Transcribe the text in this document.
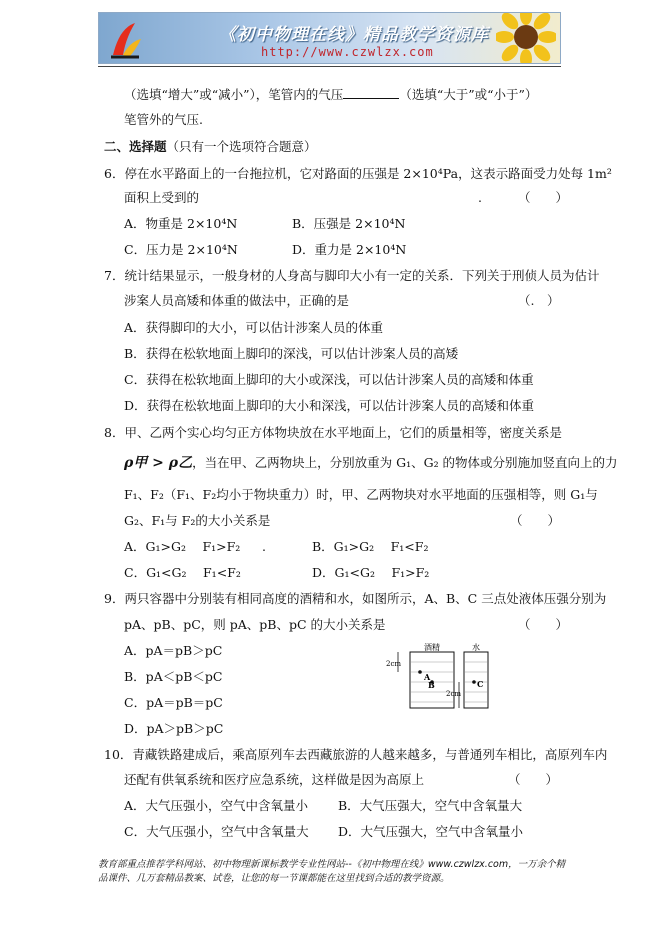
《初中物理在线》精品教学资源库
http://www.czwlzx.com
（选填“增大”或“减小”），笔管内的气压	（选填“大于”或“小于”）
笔管外的气压.
二、选择题（只有一个选项符合题意）
6．停在水平路面上的一台拖拉机，它对路面的压强是 2×10⁴Pa，这表示路面受力处每 1m²
面积上受到的	.	（　　）
A．物重是 2×10⁴N	B．压强是 2×10⁴N
C．压力是 2×10⁴N	D．重力是 2×10⁴N
7．统计结果显示，一般身材的人身高与脚印大小有一定的关系．下列关于刑侦人员为估计
涉案人员高矮和体重的做法中，正确的是	（.　）
A．获得脚印的大小，可以估计涉案人员的体重
B．获得在松软地面上脚印的深浅，可以估计涉案人员的高矮
C．获得在松软地面上脚印的大小或深浅，可以估计涉案人员的高矮和体重
D．获得在松软地面上脚印的大小和深浅，可以估计涉案人员的高矮和体重
8．甲、乙两个实心均匀正方体物块放在水平地面上，它们的质量相等，密度关系是
ρ甲 > ρ乙，当在甲、乙两物块上，分别放重为 G₁、G₂ 的物体或分别施加竖直向上的力
F₁、F₂（F₁、F₂均小于物块重力）时，甲、乙两物块对水平地面的压强相等，则 G₁与
G₂、F₁与 F₂的大小关系是	（　　）
A．G₁>G₂　 F₁>F₂ .	B．G₁>G₂　 F₁<F₂
C．G₁<G₂　 F₁<F₂	D．G₁<G₂　 F₁>F₂
9．两只容器中分别装有相同高度的酒精和水，如图所示，A、B、C 三点处液体压强分别为
pA、pB、pC，则 pA、pB、pC 的大小关系是	（　　）
A．pA＝pB＞pC
B．pA＜pB＜pC
C．pA＝pB＝pC
D．pA＞pB＞pC
酒精	水
2cm
A
B	C
2cm
10．青藏铁路建成后，乘高原列车去西藏旅游的人越来越多，与普通列车相比，高原列车内
还配有供氧系统和医疗应急系统，这样做是因为高原上	（　　）
A．大气压强小，空气中含氧量小 B．大气压强大，空气中含氧量大
C．大气压强小，空气中含氧量大 D．大气压强大，空气中含氧量小
教育部重点推荐学科网站、初中物理新课标教学专业性网站--《初中物理在线》www.czwlzx.com，一万余个精品课件、几万套精品教案、试卷，让您的每一节课都能在这里找到合适的教学资源。
